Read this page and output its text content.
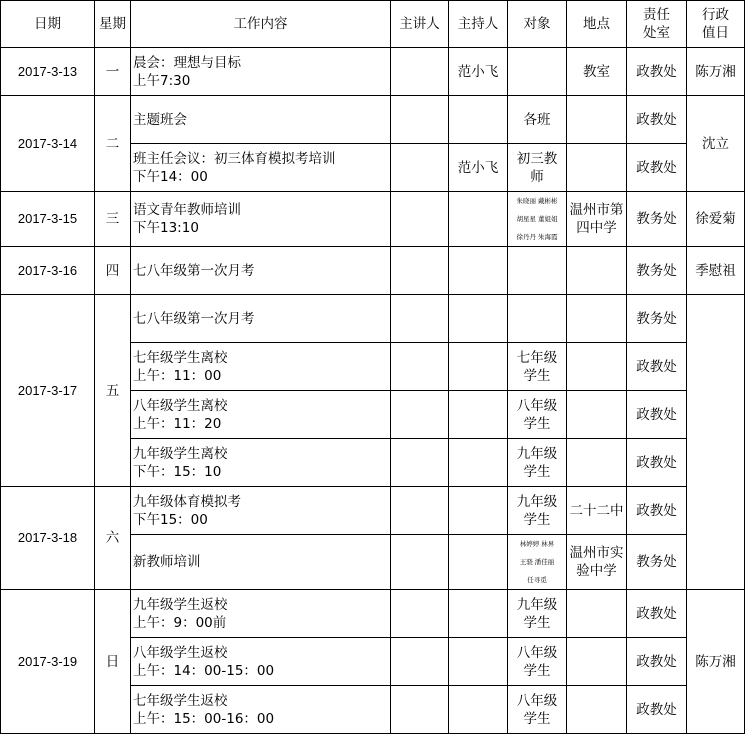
日期	星期	工作内容	主讲人	主持人	对象	地点	责任
处室	行政
值日

2017-3-13	一	晨会：理想与目标
上午7:30		范小飞		教室	政教处	陈万湘
2017-3-14	二	主题班会			各班		政教处	沈立

		班主任会议：初三体育模拟考培训
下午14：00		范小飞	初三教
师		政教处	
2017-3-15	三	语文青年教师培训
下午13:10			朱晓丽 戴彬彬
胡星星 董姐姐
徐丹丹 朱海霞	温州市第
四中学	教务处	徐爱菊
2017-3-16	四	七八年级第一次月考					教务处	季慰祖
2017-3-17	五	七八年级第一次月考					教务处	

		七年级学生离校
上午：11：00			七年级
学生		政教处	

		八年级学生离校
上午：11：20			八年级
学生		政教处	

		九年级学生离校
下午：15：10			九年级
学生		政教处	
2017-3-18	六	九年级体育模拟考
下午15：00			九年级
学生	二十二中	政教处	

		新教师培训			林婷婷 林昇
王骁 潘佳丽
任寻觅	温州市实
验中学	教务处	
2017-3-19	日	九年级学生返校
上午：9：00前			九年级
学生		政教处	陈万湘

		八年级学生返校
上午：14：00-15：00			八年级
学生		政教处	

		七年级学生返校
上午：15：00-16：00			八年级
学生		政教处	
